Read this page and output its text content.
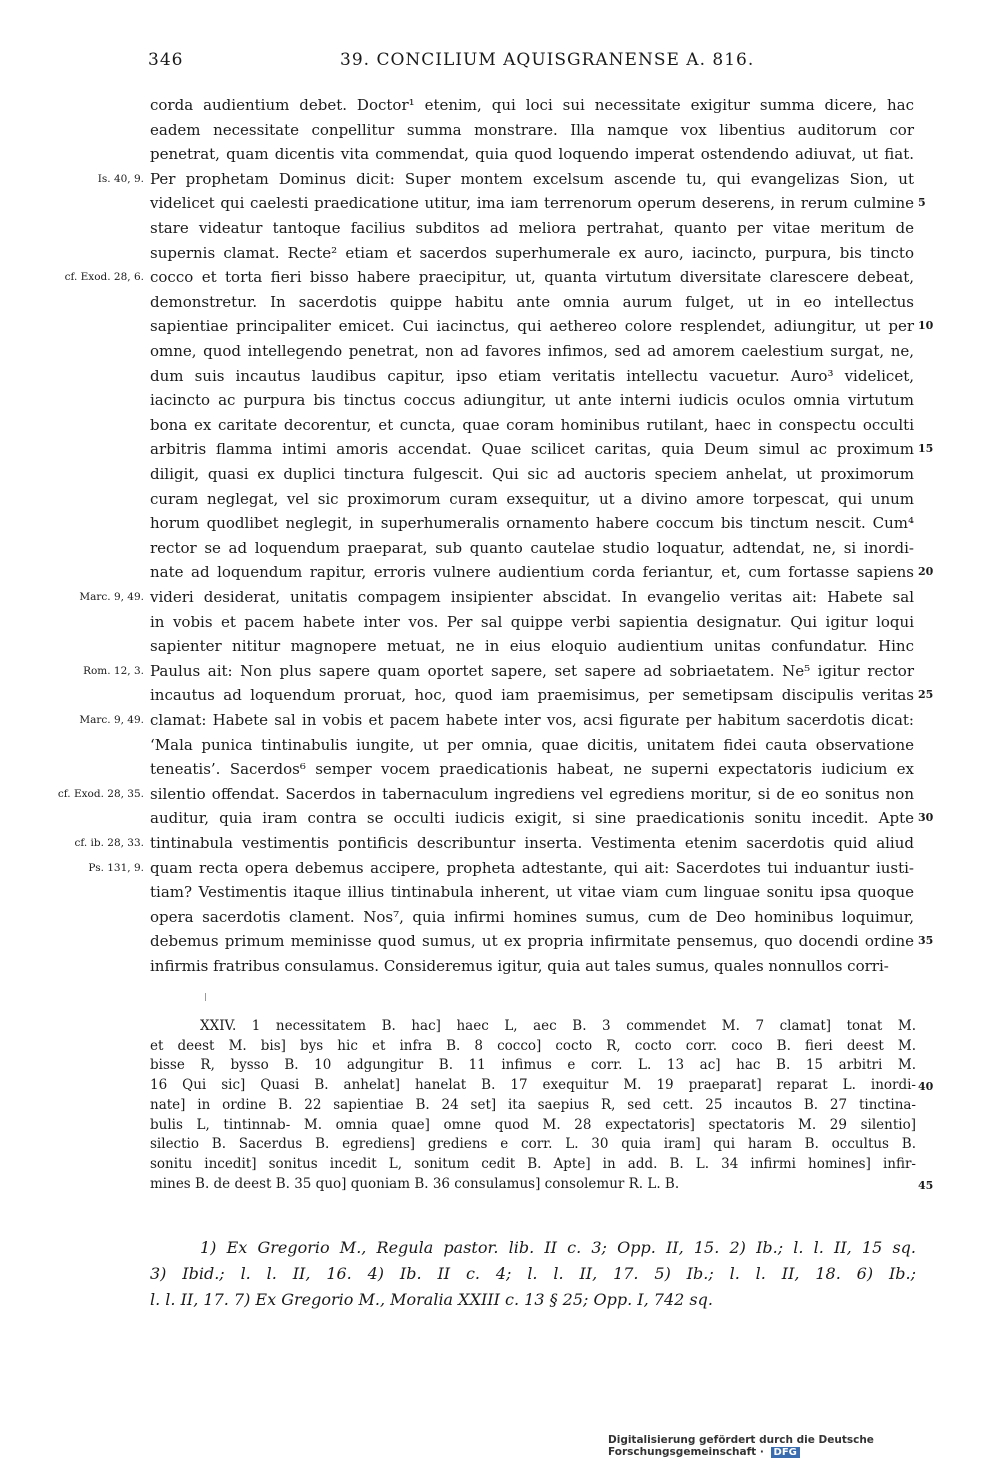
346	39. CONCILIUM AQUISGRANENSE A. 816.
corda audientium debet. Doctor¹ etenim, qui loci sui necessitate exigitur summa dicere, hac
eadem necessitate conpellitur summa monstrare. Illa namque vox libentius auditorum cor
penetrat, quam dicentis vita commendat, quia quod loquendo imperat ostendendo adiuvat, ut fiat.
Per prophetam Dominus dicit: Super montem excelsum ascende tu, qui evangelizas Sion, ut
videlicet qui caelesti praedicatione utitur, ima iam terrenorum operum deserens, in rerum culmine
stare videatur tantoque facilius subditos ad meliora pertrahat, quanto per vitae meritum de
supernis clamat. Recte² etiam et sacerdos superhumerale ex auro, iacincto, purpura, bis tincto
cocco et torta fieri bisso habere praecipitur, ut, quanta virtutum diversitate clarescere debeat,
demonstretur. In sacerdotis quippe habitu ante omnia aurum fulget, ut in eo intellectus
sapientiae principaliter emicet. Cui iacinctus, qui aethereo colore resplendet, adiungitur, ut per
omne, quod intellegendo penetrat, non ad favores infimos, sed ad amorem caelestium surgat, ne,
dum suis incautus laudibus capitur, ipso etiam veritatis intellectu vacuetur. Auro³ videlicet,
iacincto ac purpura bis tinctus coccus adiungitur, ut ante interni iudicis oculos omnia virtutum
bona ex caritate decorentur, et cuncta, quae coram hominibus rutilant, haec in conspectu occulti
arbitris flamma intimi amoris accendat. Quae scilicet caritas, quia Deum simul ac proximum
diligit, quasi ex duplici tinctura fulgescit. Qui sic ad auctoris speciem anhelat, ut proximorum
curam neglegat, vel sic proximorum curam exsequitur, ut a divino amore torpescat, qui unum
horum quodlibet neglegit, in superhumeralis ornamento habere coccum bis tinctum nescit. Cum⁴
rector se ad loquendum praeparat, sub quanto cautelae studio loquatur, adtendat, ne, si inordi-
nate ad loquendum rapitur, erroris vulnere audientium corda feriantur, et, cum fortasse sapiens
videri desiderat, unitatis compagem insipienter abscidat. In evangelio veritas ait: Habete sal
in vobis et pacem habete inter vos. Per sal quippe verbi sapientia designatur. Qui igitur loqui
sapienter nititur magnopere metuat, ne in eius eloquio audientium unitas confundatur. Hinc
Paulus ait: Non plus sapere quam oportet sapere, set sapere ad sobriaetatem. Ne⁵ igitur rector
incautus ad loquendum proruat, hoc, quod iam praemisimus, per semetipsam discipulis veritas
clamat: Habete sal in vobis et pacem habete inter vos, acsi figurate per habitum sacerdotis dicat:
‘Mala punica tintinabulis iungite, ut per omnia, quae dicitis, unitatem fidei cauta observatione
teneatis’. Sacerdos⁶ semper vocem praedicationis habeat, ne superni expectatoris iudicium ex
silentio offendat. Sacerdos in tabernaculum ingrediens vel egrediens moritur, si de eo sonitus non
auditur, quia iram contra se occulti iudicis exigit, si sine praedicationis sonitu incedit. Apte
tintinabula vestimentis pontificis describuntur inserta. Vestimenta etenim sacerdotis quid aliud
quam recta opera debemus accipere, propheta adtestante, qui ait: Sacerdotes tui induantur iusti-
tiam? Vestimentis itaque illius tintinabula inherent, ut vitae viam cum linguae sonitu ipsa quoque
opera sacerdotis clament. Nos⁷, quia infirmi homines sumus, cum de Deo hominibus loquimur,
debemus primum meminisse quod sumus, ut ex propria infirmitate pensemus, quo docendi ordine
infirmis fratribus consulamus. Consideremus igitur, quia aut tales sumus, quales nonnullos corri-
Is. 40, 9.
cf. Exod. 28, 6.
Marc. 9, 49.
Rom. 12, 3.
Marc. 9, 49.
cf. Exod. 28, 35.
cf. ib. 28, 33.
Ps. 131, 9.
5
10
15
20
25
30
35
XXIV. 1 necessitatem B. hac] haec L, aec B. 3 commendet M. 7 clamat] tonat M.
et deest M. bis] bys hic et infra B. 8 cocco] cocto R, cocto corr. coco B. fieri deest M.
bisse R, bysso B. 10 adgungitur B. 11 infimus e corr. L. 13 ac] hac B. 15 arbitri M.
16 Qui sic] Quasi B. anhelat] hanelat B. 17 exequitur M. 19 praeparat] reparat L. inordi-
nate] in ordine B. 22 sapientiae B. 24 set] ita saepius R, sed cett. 25 incautos B. 27 tinctina-
bulis L, tintinnab- M. omnia quae] omne quod M. 28 expectatoris] spectatoris M. 29 silentio]
silectio B. Sacerdus B. egrediens] grediens e corr. L. 30 quia iram] qui haram B. occultus B.
sonitu incedit] sonitus incedit L, sonitum cedit B. Apte] in add. B. L. 34 infirmi homines] infir-
mines B. de deest B. 35 quo] quoniam B. 36 consulamus] consolemur R. L. B.
40
45
1) Ex Gregorio M., Regula pastor. lib. II c. 3; Opp. II, 15. 2) Ib.; l. l. II, 15 sq.
3) Ibid.; l. l. II, 16. 4) Ib. II c. 4; l. l. II, 17. 5) Ib.; l. l. II, 18. 6) Ib.;
l. l. II, 17. 7) Ex Gregorio M., Moralia XXIII c. 13 § 25; Opp. I, 742 sq.
Digitalisierung gefördert durch die Deutsche Forschungsgemeinschaft · DFG
